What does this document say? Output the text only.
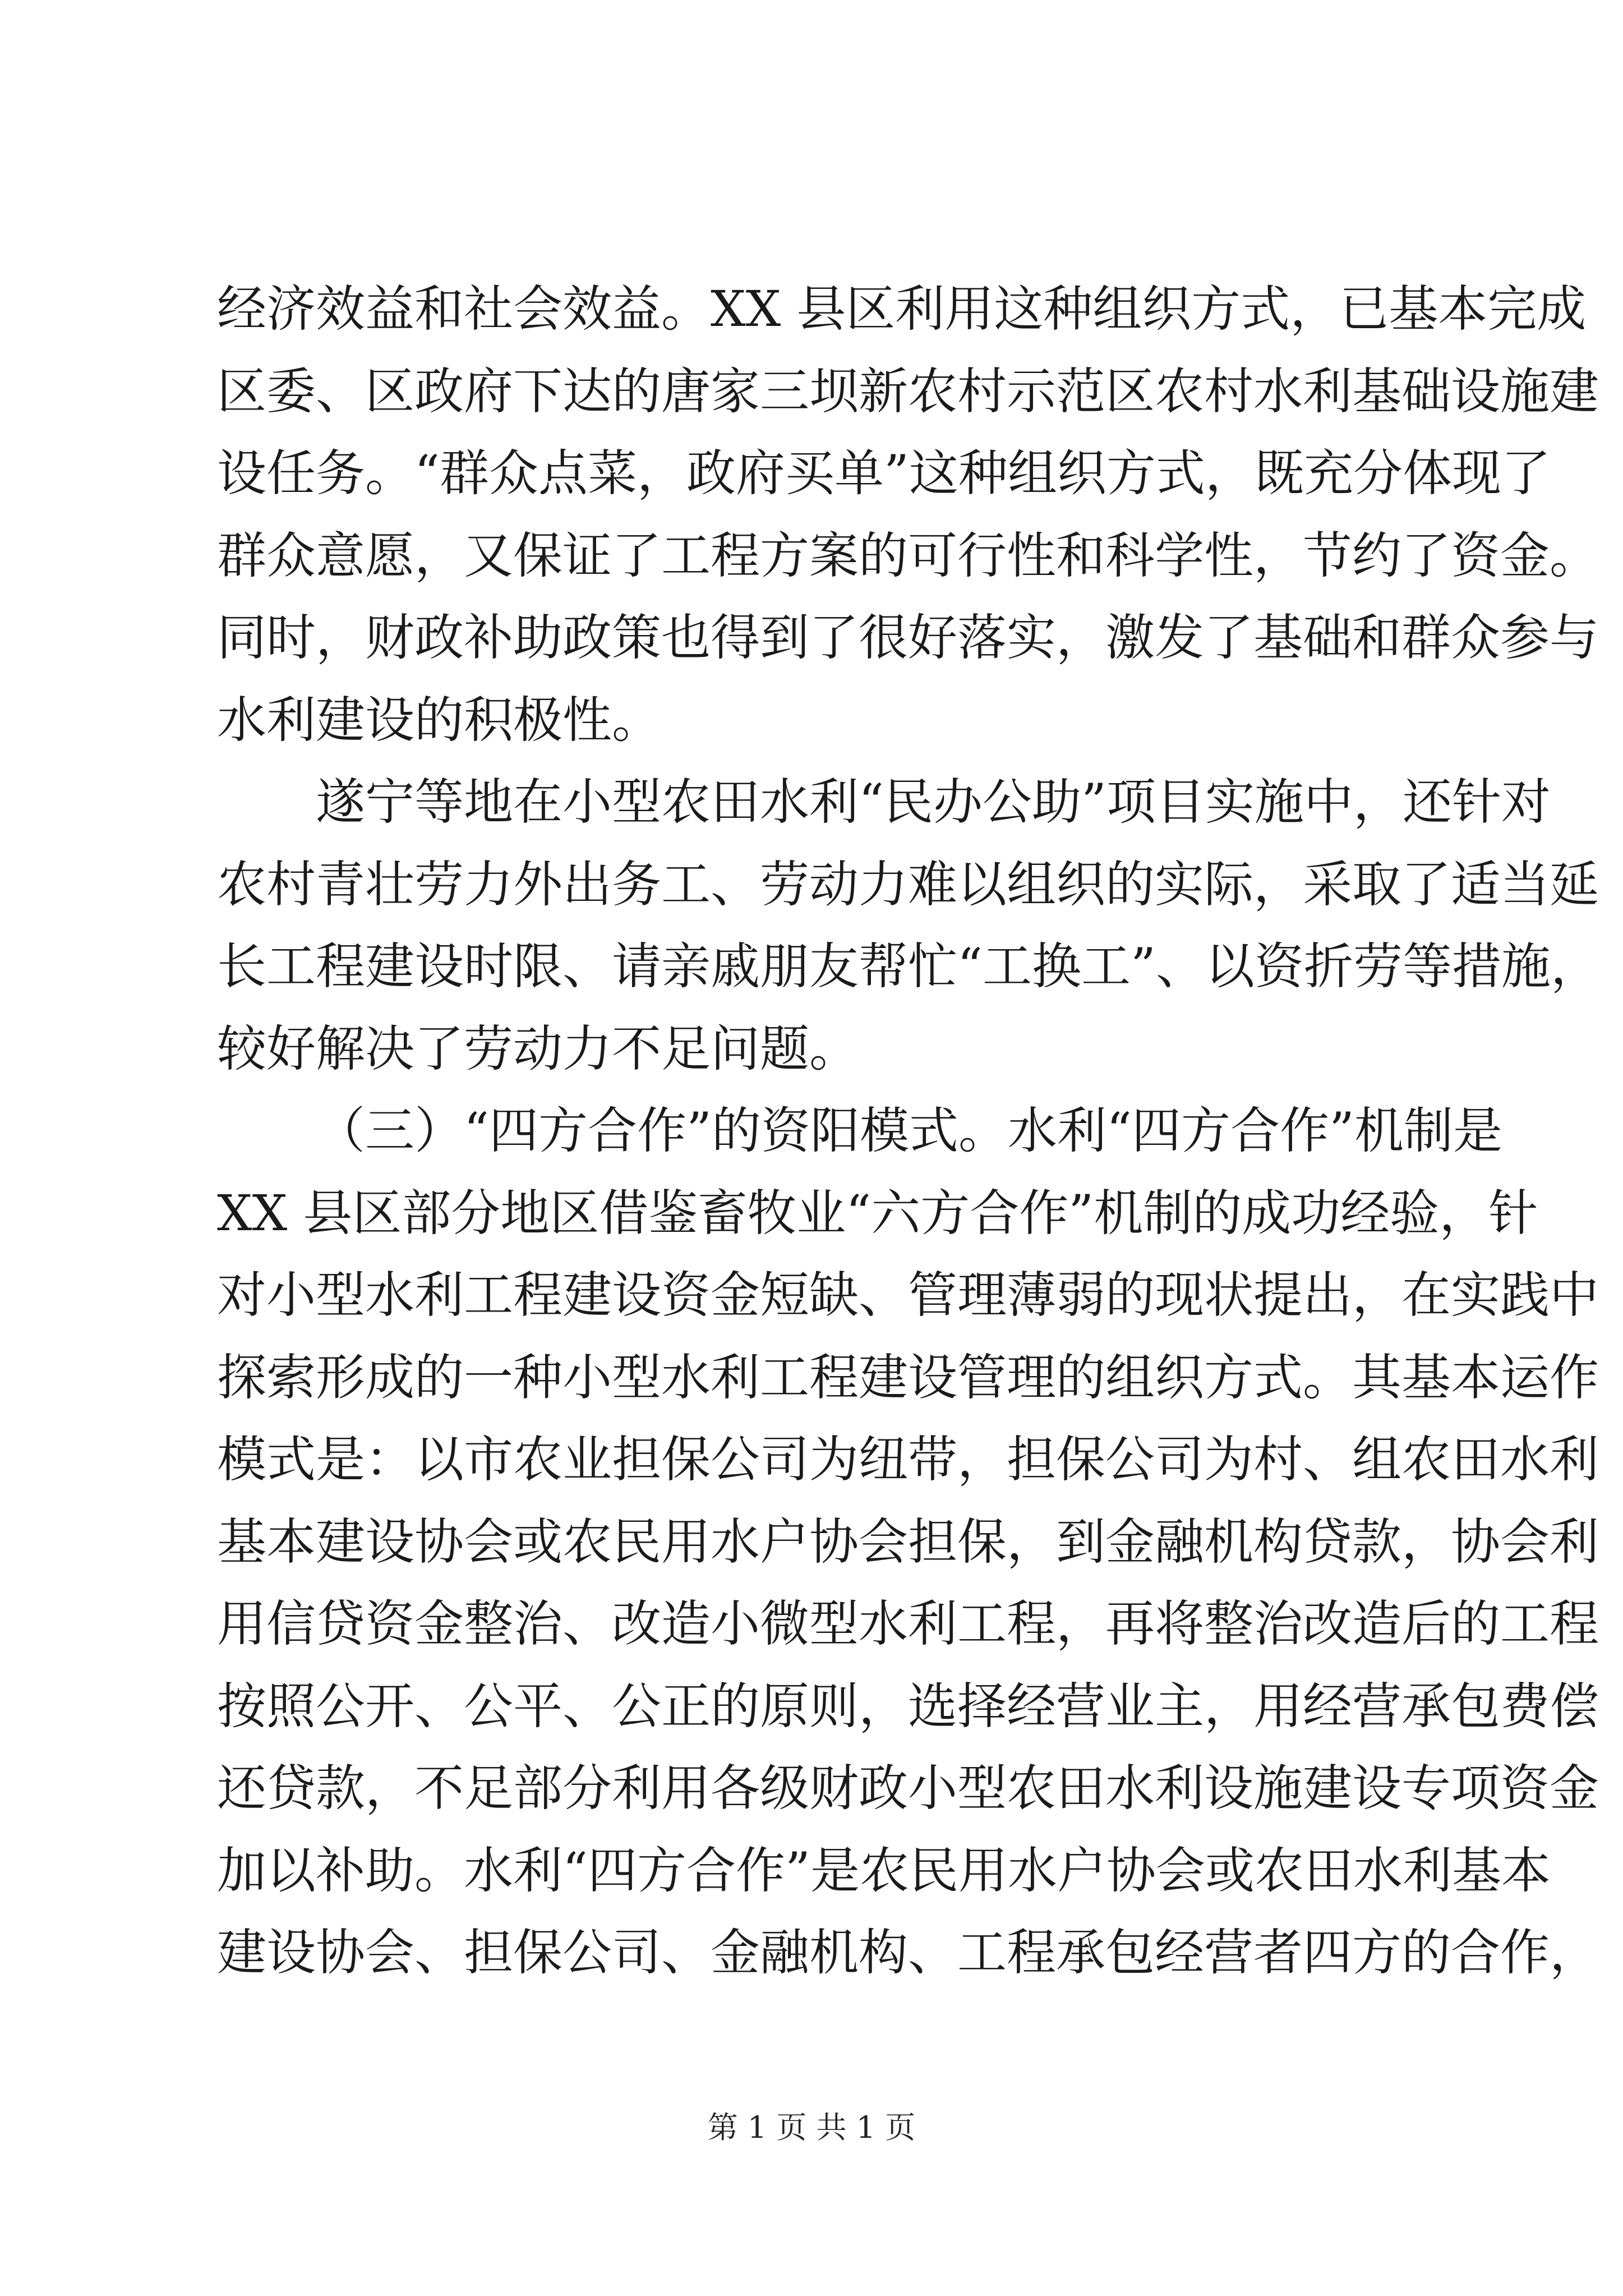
经济效益和社会效益。XX 县区利用这种组织方式，已基本完成
区委、区政府下达的唐家三坝新农村示范区农村水利基础设施建
设任务。“群众点菜，政府买单”这种组织方式，既充分体现了
群众意愿，又保证了工程方案的可行性和科学性，节约了资金。
同时，财政补助政策也得到了很好落实，激发了基础和群众参与
水利建设的积极性。
遂宁等地在小型农田水利“民办公助”项目实施中，还针对
农村青壮劳力外出务工、劳动力难以组织的实际，采取了适当延
长工程建设时限、请亲戚朋友帮忙“工换工”、以资折劳等措施，
较好解决了劳动力不足问题。
（三）“四方合作”的资阳模式。水利“四方合作”机制是
XX 县区部分地区借鉴畜牧业“六方合作”机制的成功经验，针
对小型水利工程建设资金短缺、管理薄弱的现状提出，在实践中
探索形成的一种小型水利工程建设管理的组织方式。其基本运作
模式是：以市农业担保公司为纽带，担保公司为村、组农田水利
基本建设协会或农民用水户协会担保，到金融机构贷款，协会利
用信贷资金整治、改造小微型水利工程，再将整治改造后的工程
按照公开、公平、公正的原则，选择经营业主，用经营承包费偿
还贷款，不足部分利用各级财政小型农田水利设施建设专项资金
加以补助。水利“四方合作”是农民用水户协会或农田水利基本
建设协会、担保公司、金融机构、工程承包经营者四方的合作，
第 1 页 共 1 页
